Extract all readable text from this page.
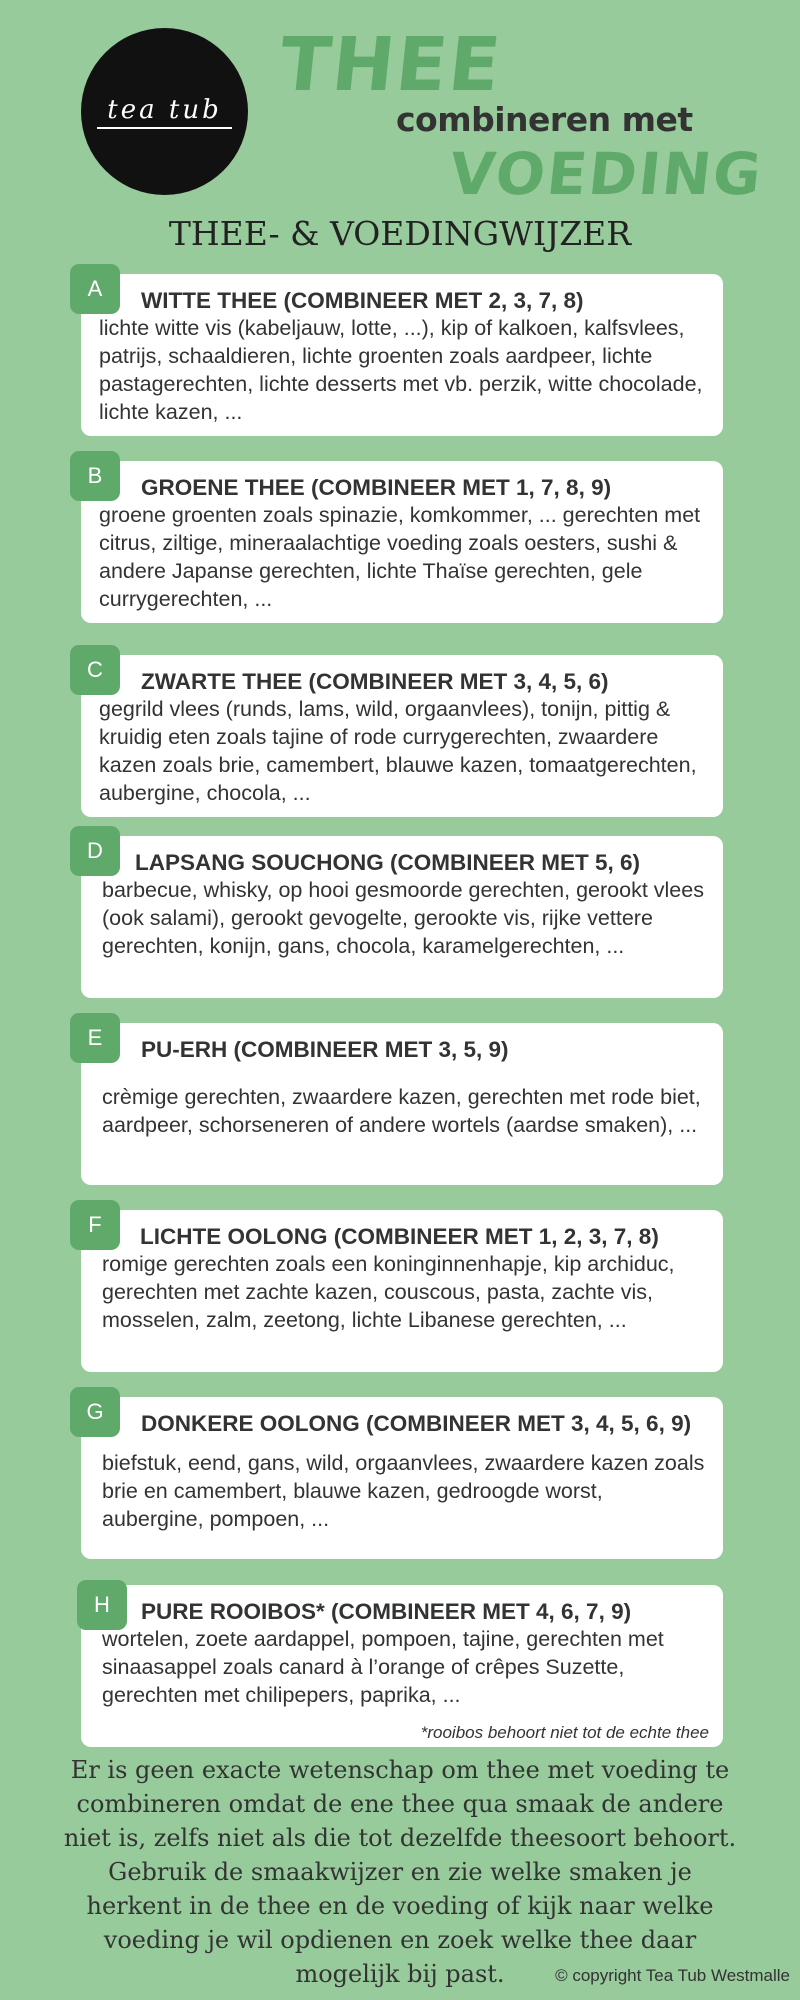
tea tub
THEE
combineren met
VOEDING
THEE- & VOEDINGWIJZER
A	WITTE THEE (COMBINEER MET 2, 3, 7, 8)
lichte witte vis (kabeljauw, lotte, ...), kip of kalkoen, kalfsvlees, patrijs, schaaldieren, lichte groenten zoals aardpeer, lichte pastagerechten, lichte desserts met vb. perzik, witte chocolade, lichte kazen, ...
B	GROENE THEE (COMBINEER MET 1, 7, 8, 9)
groene groenten zoals spinazie, komkommer, ... gerechten met citrus, ziltige, mineraalachtige voeding zoals oesters, sushi & andere Japanse gerechten, lichte Thaïse gerechten, gele currygerechten, ...
C	ZWARTE THEE (COMBINEER MET 3, 4, 5, 6)
gegrild vlees (runds, lams, wild, orgaanvlees), tonijn, pittig & kruidig eten zoals tajine of rode currygerechten, zwaardere kazen zoals brie, camembert, blauwe kazen, tomaatgerechten, aubergine, chocola, ...
D	LAPSANG SOUCHONG (COMBINEER MET 5, 6)
barbecue, whisky, op hooi gesmoorde gerechten, gerookt vlees (ook salami), gerookt gevogelte, gerookte vis, rijke vettere gerechten, konijn, gans, chocola, karamelgerechten, ...
E	PU-ERH (COMBINEER MET 3, 5, 9)
crèmige gerechten, zwaardere kazen, gerechten met rode biet, aardpeer, schorseneren of andere wortels (aardse smaken), ...
F	LICHTE OOLONG (COMBINEER MET 1, 2, 3, 7, 8)
romige gerechten zoals een koninginnenhapje, kip archiduc, gerechten met zachte kazen, couscous, pasta, zachte vis, mosselen, zalm, zeetong, lichte Libanese gerechten, ...
G	DONKERE OOLONG (COMBINEER MET 3, 4, 5, 6, 9)
biefstuk, eend, gans, wild, orgaanvlees, zwaardere kazen zoals brie en camembert, blauwe kazen, gedroogde worst, aubergine, pompoen, ...
H	PURE ROOIBOS* (COMBINEER MET 4, 6, 7, 9)
wortelen, zoete aardappel, pompoen, tajine, gerechten met sinaasappel zoals canard à l’orange of crêpes Suzette, gerechten met chilipepers, paprika, ...
*rooibos behoort niet tot de echte thee
Er is geen exacte wetenschap om thee met voeding te combineren omdat de ene thee qua smaak de andere niet is, zelfs niet als die tot dezelfde theesoort behoort. Gebruik de smaakwijzer en zie welke smaken je herkent in de thee en de voeding of kijk naar welke voeding je wil opdienen en zoek welke thee daar mogelijk bij past.	© copyright Tea Tub Westmalle
